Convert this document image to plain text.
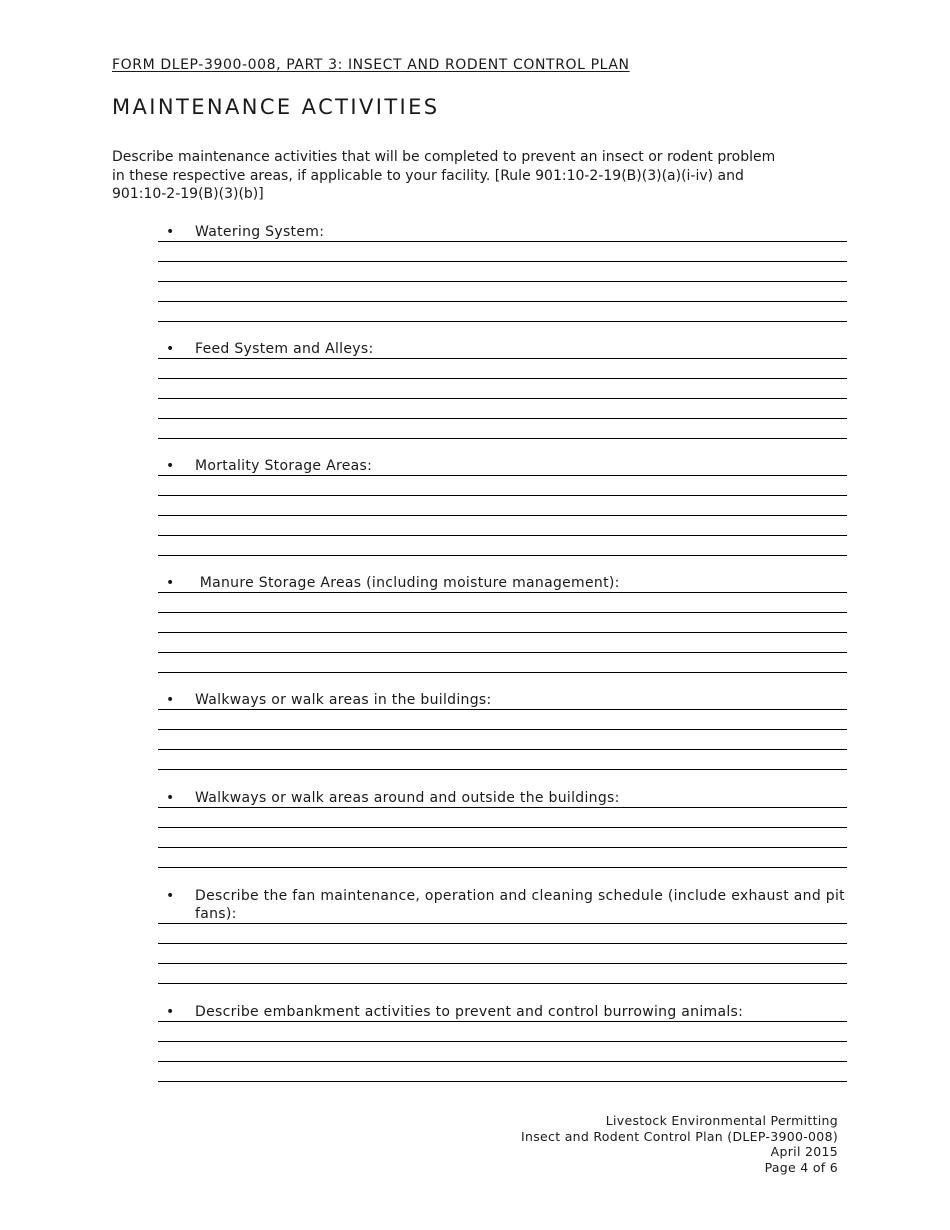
FORM DLEP-3900-008, PART 3: INSECT AND RODENT CONTROL PLAN
MAINTENANCE ACTIVITIES
Describe maintenance activities that will be completed to prevent an insect or rodent problem in these respective areas, if applicable to your facility. [Rule 901:10-2-19(B)(3)(a)(i-iv) and 901:10-2-19(B)(3)(b)]
• Watering System:
• Feed System and Alleys:
• Mortality Storage Areas:
• Manure Storage Areas (including moisture management):
• Walkways or walk areas in the buildings:
• Walkways or walk areas around and outside the buildings:
• Describe the fan maintenance, operation and cleaning schedule (include exhaust and pit fans):
• Describe embankment activities to prevent and control burrowing animals:
Livestock Environmental Permitting
Insect and Rodent Control Plan (DLEP-3900-008)
April 2015
Page 4 of 6
